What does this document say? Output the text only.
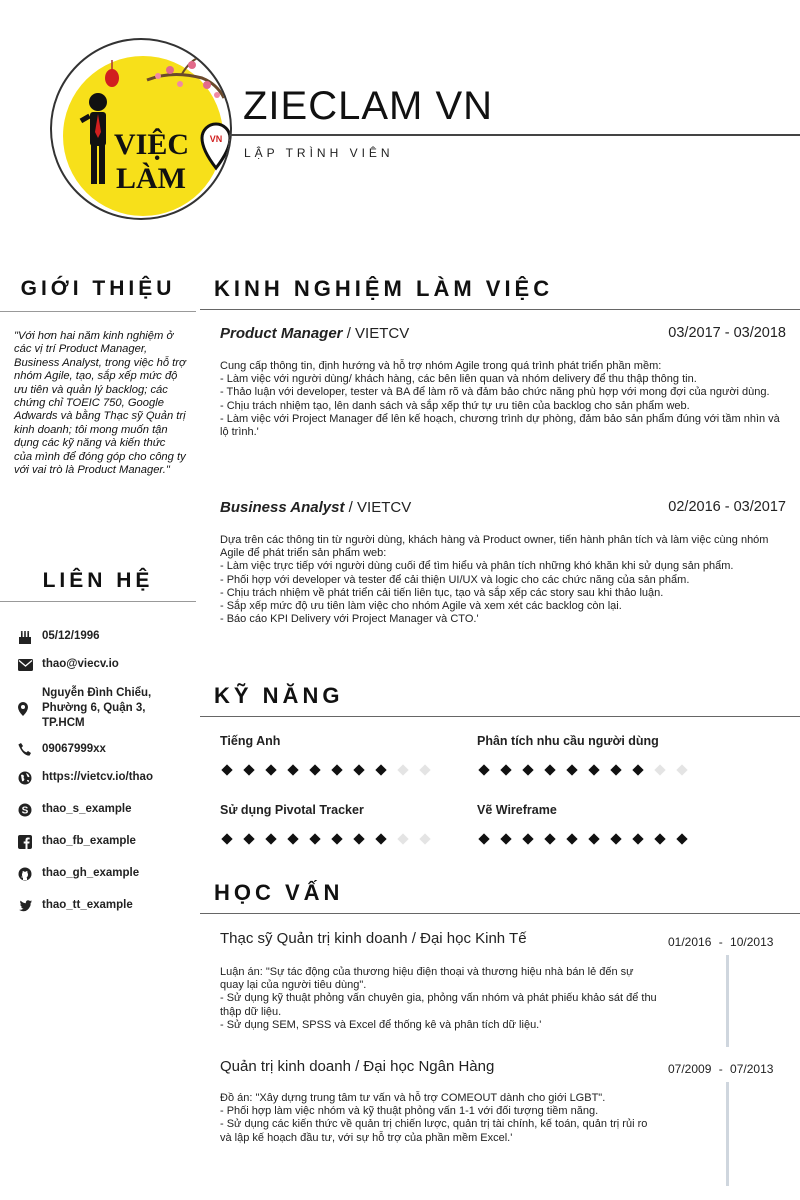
VIỆC
LÀM
VN
ZIECLAM VN
LẬP TRÌNH VIÊN
GIỚI THIỆU
"Với hơn hai năm kinh nghiệm ở các vị trí Product Manager, Business Analyst, trong việc hỗ trợ nhóm Agile, tạo, sắp xếp mức độ ưu tiên và quản lý backlog; các chứng chỉ TOEIC 750, Google Adwards và bằng Thạc sỹ Quản trị kinh doanh; tôi mong muốn tận dụng các kỹ năng và kiến thức của mình để đóng góp cho công ty với vai trò là Product Manager."
LIÊN HỆ
05/12/1996
thao@viecv.io
Nguyễn Đình Chiểu, Phường 6, Quận 3, TP.HCM
09067999xx
https://vietcv.io/thao
S thao_s_example
thao_fb_example
thao_gh_example
thao_tt_example
KINH NGHIỆM LÀM VIỆC
Product Manager / VIETCV	03/2017 - 03/2018
Cung cấp thông tin, định hướng và hỗ trợ nhóm Agile trong quá trình phát triển phần mềm:
- Làm việc với người dùng/ khách hàng, các bên liên quan và nhóm delivery để thu thập thông tin.
- Thảo luận với developer, tester và BA để làm rõ và đảm bảo chức năng phù hợp với mong đợi của người dùng.
- Chịu trách nhiệm tạo, lên danh sách và sắp xếp thứ tự ưu tiên của backlog cho sản phẩm web.
- Làm việc với Project Manager để lên kế hoạch, chương trình dự phòng, đảm bảo sản phẩm đúng với tầm nhìn và lộ trình.'
Business Analyst / VIETCV	02/2016 - 03/2017
Dựa trên các thông tin từ người dùng, khách hàng và Product owner, tiến hành phân tích và làm việc cùng nhóm Agile để phát triển sản phẩm web:
- Làm việc trực tiếp với người dùng cuối để tìm hiểu và phân tích những khó khăn khi sử dụng sản phẩm.
- Phối hợp với developer và tester để cải thiện UI/UX và logic cho các chức năng của sản phẩm.
- Chịu trách nhiệm về phát triển cải tiến liên tục, tạo và sắp xếp các story sau khi thảo luận.
- Sắp xếp mức độ ưu tiên làm việc cho nhóm Agile và xem xét các backlog còn lại.
- Báo cáo KPI Delivery với Project Manager và CTO.'
KỸ NĂNG
Tiếng Anh	Phân tích nhu cầu người dùng
Sử dụng Pivotal Tracker	Vẽ Wireframe
HỌC VẤN
Thạc sỹ Quản trị kinh doanh / Đại học Kinh Tế	01/2016 - 10/2013
Luận án: "Sự tác động của thương hiệu điện thoại và thương hiệu nhà bán lẻ đến sự quay lại của người tiêu dùng".
- Sử dụng kỹ thuật phỏng vấn chuyên gia, phỏng vấn nhóm và phát phiếu khảo sát để thu thập dữ liệu.
- Sử dụng SEM, SPSS và Excel để thống kê và phân tích dữ liệu.'
Quản trị kinh doanh / Đại học Ngân Hàng	07/2009 - 07/2013
Đồ án: "Xây dựng trung tâm tư vấn và hỗ trợ COMEOUT dành cho giới LGBT".
- Phối hợp làm việc nhóm và kỹ thuật phỏng vấn 1-1 với đối tượng tiềm năng.
- Sử dụng các kiến thức về quản trị chiến lược, quản trị tài chính, kế toán, quản trị rủi ro và lập kế hoạch đầu tư, với sự hỗ trợ của phần mềm Excel.'
